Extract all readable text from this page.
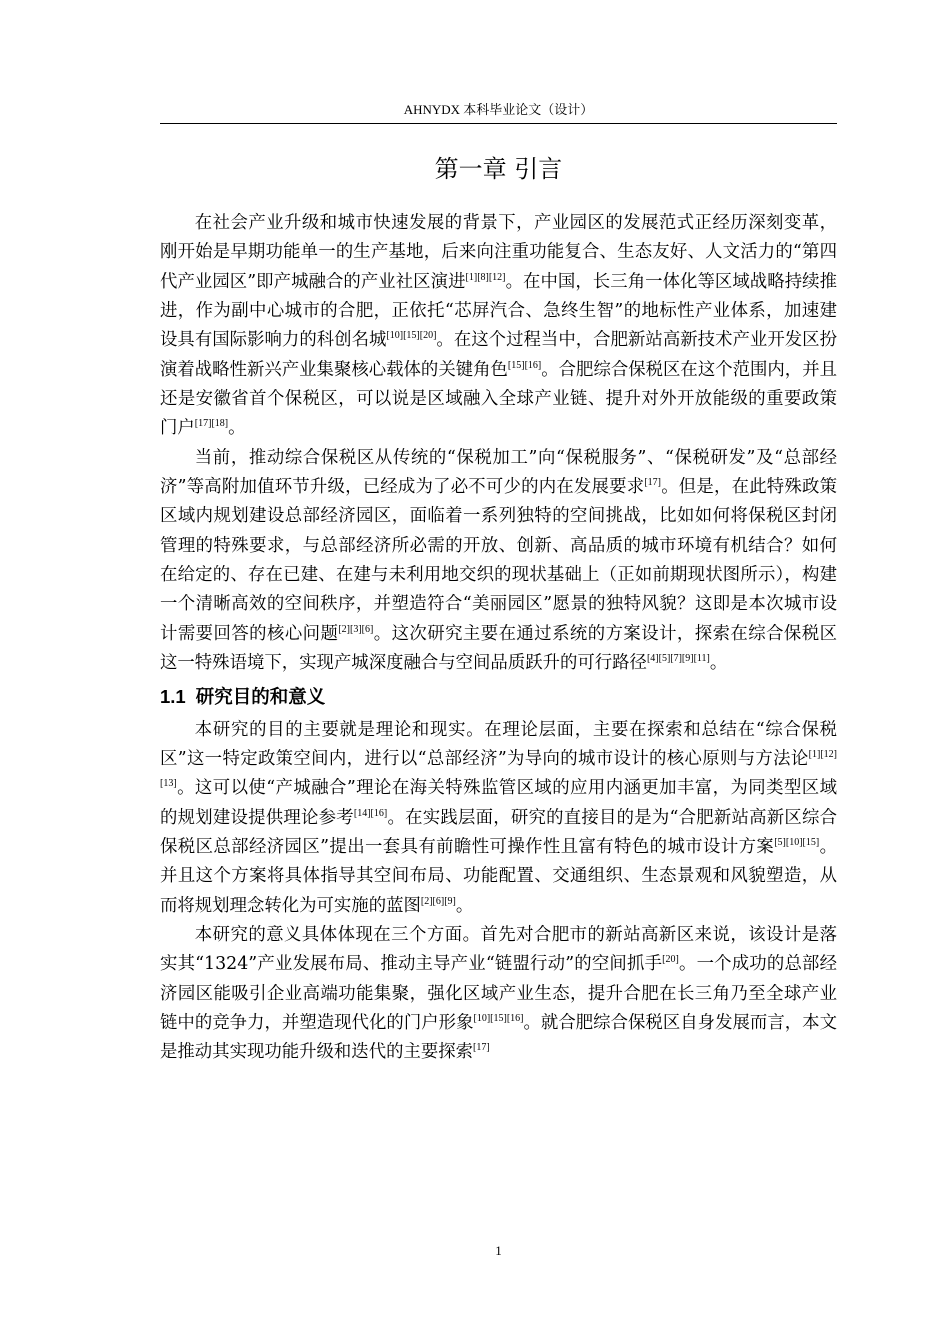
AHNYDX 本科毕业论文（设计）
第一章 引言

在社会产业升级和城市快速发展的背景下，产业园区的发展范式正经历深刻变革，刚开始是早期功能单一的生产基地，后来向注重功能复合、生态友好、人文活力的“第四代产业园区”即产城融合的产业社区演进[1][8][12]。在中国，长三角一体化等区域战略持续推进，作为副中心城市的合肥，正依托“芯屏汽合、急终生智”的地标性产业体系，加速建设具有国际影响力的科创名城[10][15][20]。在这个过程当中，合肥新站高新技术产业开发区扮演着战略性新兴产业集聚核心载体的关键角色[15][16]。合肥综合保税区在这个范围内，并且还是安徽省首个保税区，可以说是区域融入全球产业链、提升对外开放能级的重要政策门户[17][18]。

当前，推动综合保税区从传统的“保税加工”向“保税服务”、“保税研发”及“总部经济”等高附加值环节升级，已经成为了必不可少的内在发展要求[17]。但是，在此特殊政策区域内规划建设总部经济园区，面临着一系列独特的空间挑战，比如如何将保税区封闭管理的特殊要求，与总部经济所必需的开放、创新、高品质的城市环境有机结合？如何在给定的、存在已建、在建与未利用地交织的现状基础上（正如前期现状图所示），构建一个清晰高效的空间秩序，并塑造符合“美丽园区”愿景的独特风貌？这即是本次城市设计需要回答的核心问题[2][3][6]。这次研究主要在通过系统的方案设计，探索在综合保税区这一特殊语境下，实现产城深度融合与空间品质跃升的可行路径[4][5][7][9][11]。

1.1 研究目的和意义

本研究的目的主要就是理论和现实。在理论层面，主要在探索和总结在“综合保税区”这一特定政策空间内，进行以“总部经济”为导向的城市设计的核心原则与方法论[1][12][13]。这可以使“产城融合”理论在海关特殊监管区域的应用内涵更加丰富，为同类型区域的规划建设提供理论参考[14][16]。在实践层面，研究的直接目的是为“合肥新站高新区综合保税区总部经济园区”提出一套具有前瞻性可操作性且富有特色的城市设计方案[5][10][15]。并且这个方案将具体指导其空间布局、功能配置、交通组织、生态景观和风貌塑造，从而将规划理念转化为可实施的蓝图[2][6][9]。

本研究的意义具体体现在三个方面。首先对合肥市的新站高新区来说，该设计是落实其“1324”产业发展布局、推动主导产业“链盟行动”的空间抓手[20]。一个成功的总部经济园区能吸引企业高端功能集聚，强化区域产业生态，提升合肥在长三角乃至全球产业链中的竞争力，并塑造现代化的门户形象[10][15][16]。就合肥综合保税区自身发展而言，本文是推动其实现功能升级和迭代的主要探索[17]

1
